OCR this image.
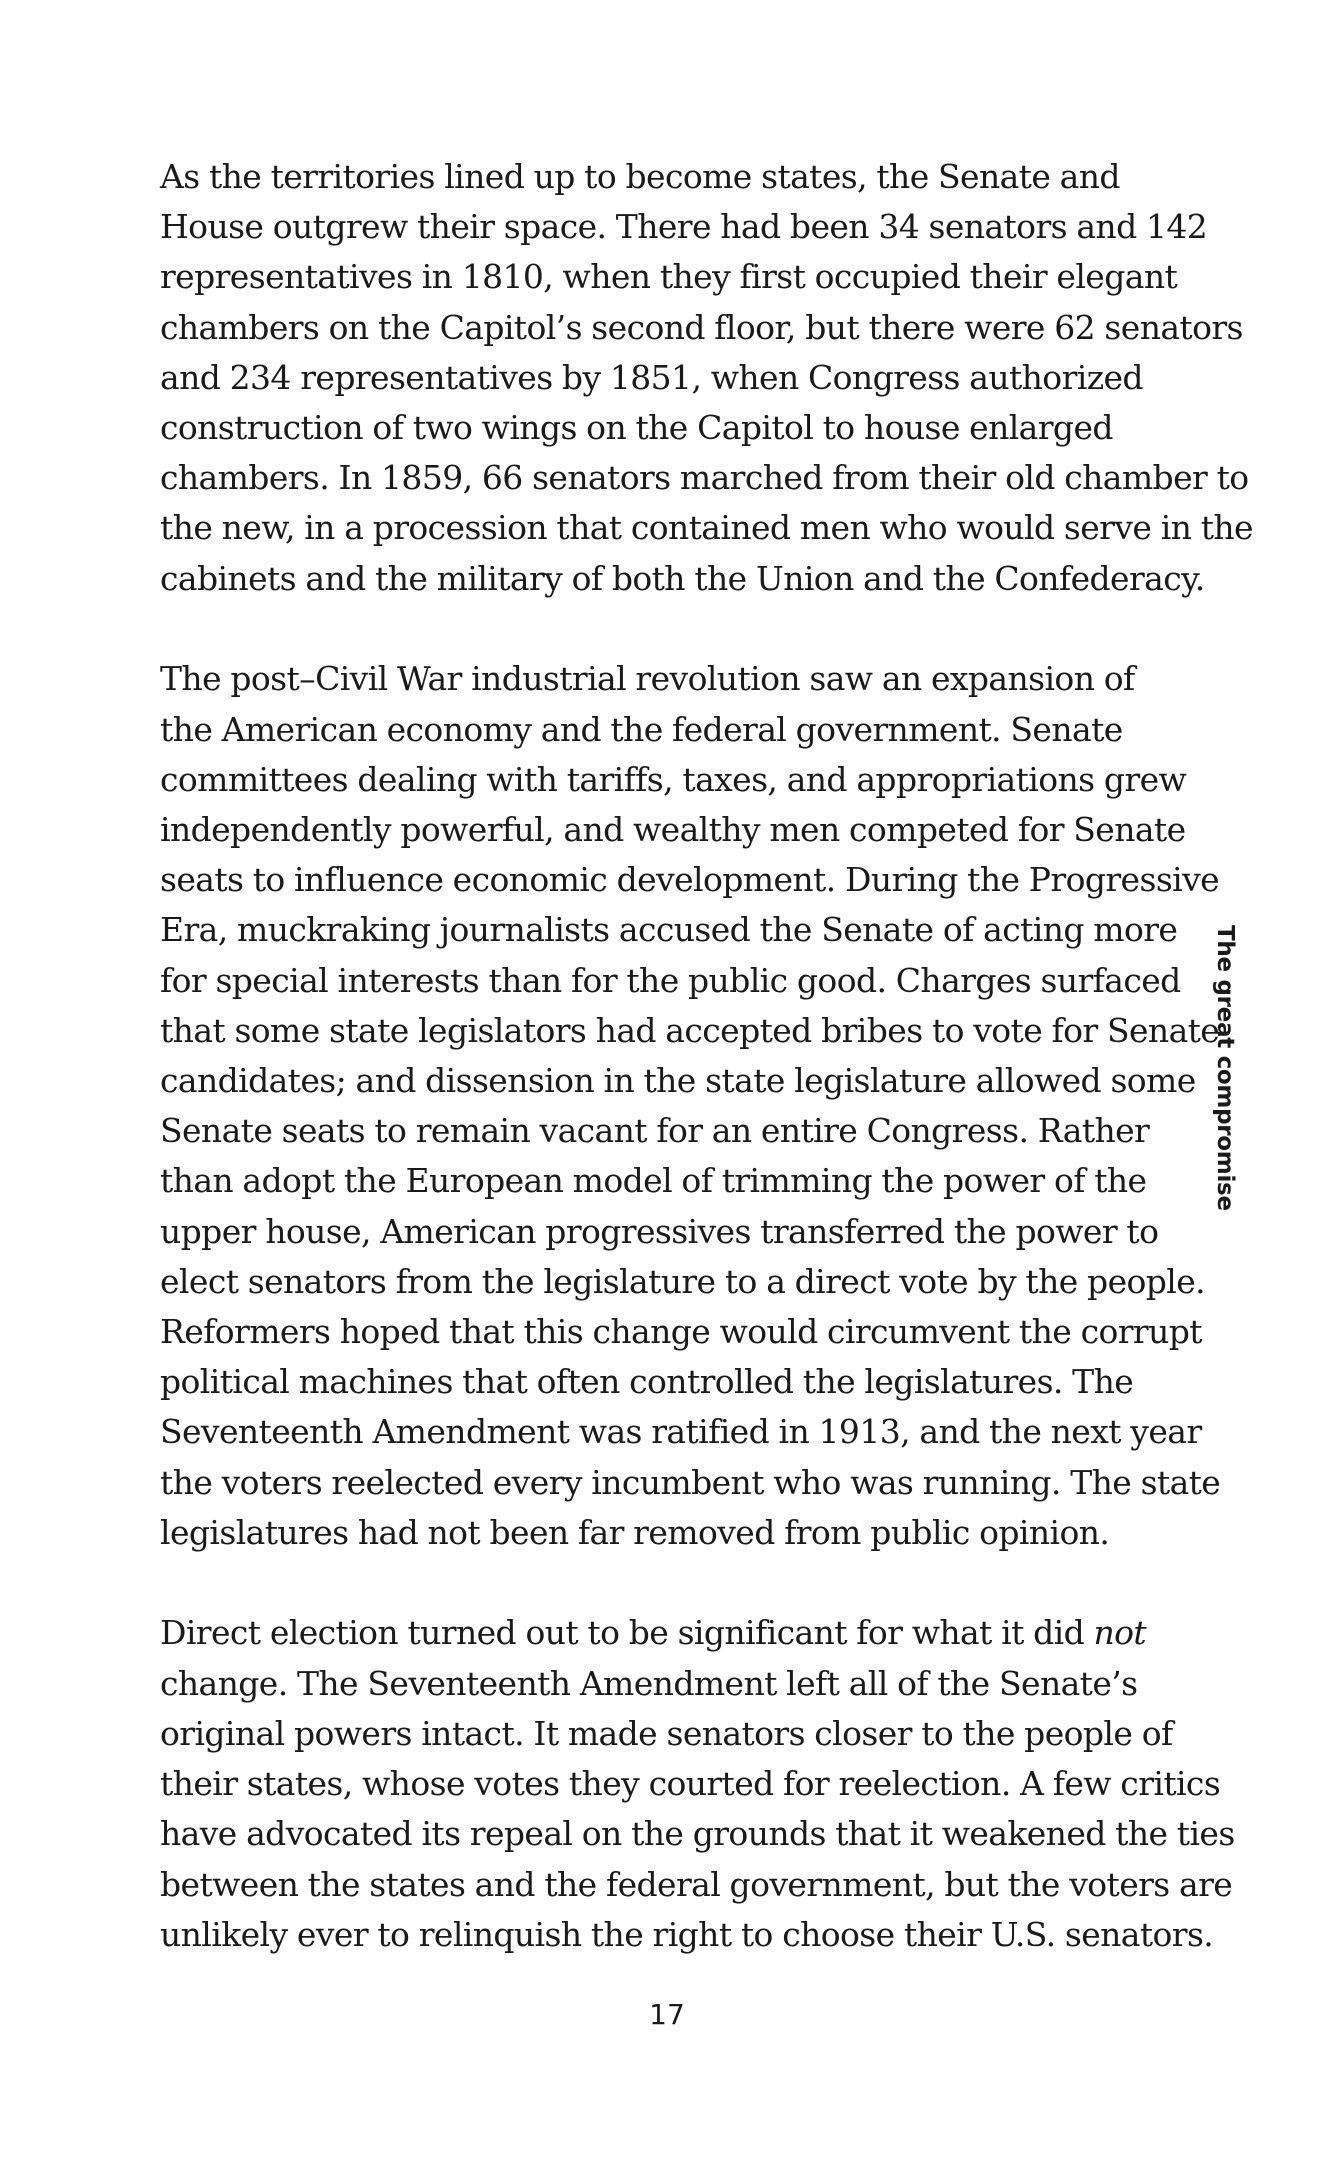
As the territories lined up to become states, the Senate and
House outgrew their space. There had been 34 senators and 142
representatives in 1810, when they first occupied their elegant
chambers on the Capitol’s second floor, but there were 62 senators
and 234 representatives by 1851, when Congress authorized
construction of two wings on the Capitol to house enlarged
chambers. In 1859, 66 senators marched from their old chamber to
the new, in a procession that contained men who would serve in the
cabinets and the military of both the Union and the Confederacy.

The post–Civil War industrial revolution saw an expansion of
the American economy and the federal government. Senate
committees dealing with tariffs, taxes, and appropriations grew
independently powerful, and wealthy men competed for Senate
seats to influence economic development. During the Progressive
Era, muckraking journalists accused the Senate of acting more
for special interests than for the public good. Charges surfaced
that some state legislators had accepted bribes to vote for Senate
candidates; and dissension in the state legislature allowed some
Senate seats to remain vacant for an entire Congress. Rather
than adopt the European model of trimming the power of the
upper house, American progressives transferred the power to
elect senators from the legislature to a direct vote by the people.
Reformers hoped that this change would circumvent the corrupt
political machines that often controlled the legislatures. The
Seventeenth Amendment was ratified in 1913, and the next year
the voters reelected every incumbent who was running. The state
legislatures had not been far removed from public opinion.

Direct election turned out to be significant for what it did not
change. The Seventeenth Amendment left all of the Senate’s
original powers intact. It made senators closer to the people of
their states, whose votes they courted for reelection. A few critics
have advocated its repeal on the grounds that it weakened the ties
between the states and the federal government, but the voters are
unlikely ever to relinquish the right to choose their U.S. senators.

The great compromise
17
